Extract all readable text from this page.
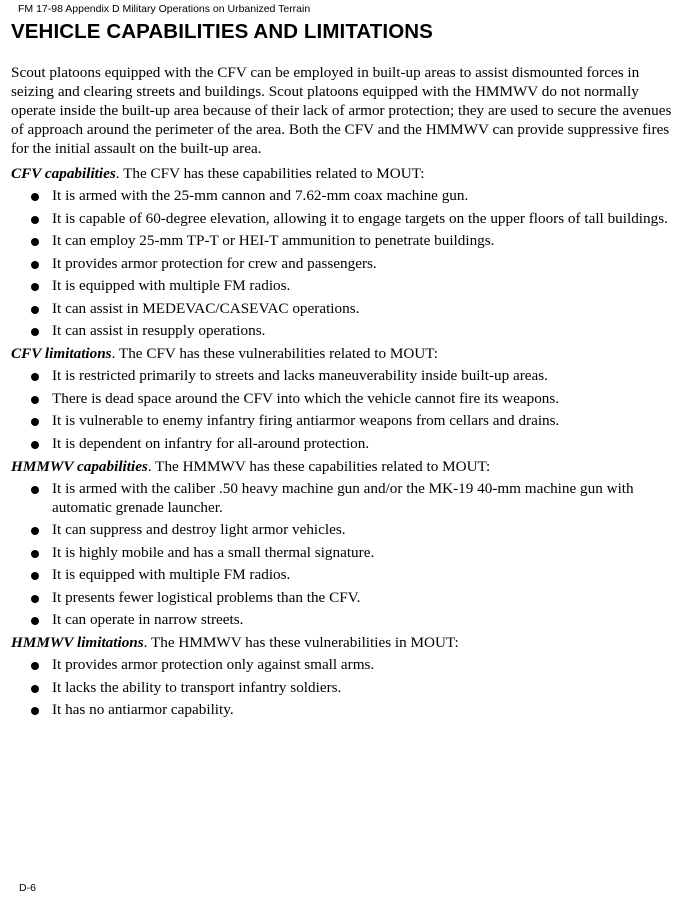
FM 17-98 Appendix D Military Operations on Urbanized Terrain
VEHICLE CAPABILITIES AND LIMITATIONS

Scout platoons equipped with the CFV can be employed in built-up areas to assist dismounted forces in seizing and clearing streets and buildings. Scout platoons equipped with the HMMWV do not normally operate inside the built-up area because of their lack of armor protection; they are used to secure the avenues of approach around the perimeter of the area. Both the CFV and the HMMWV can provide suppressive fires for the initial assault on the built-up area.

CFV capabilities. The CFV has these capabilities related to MOUT:

It is armed with the 25-mm cannon and 7.62-mm coax machine gun.
It is capable of 60-degree elevation, allowing it to engage targets on the upper floors of tall buildings.
It can employ 25-mm TP-T or HEI-T ammunition to penetrate buildings.
It provides armor protection for crew and passengers.
It is equipped with multiple FM radios.
It can assist in MEDEVAC/CASEVAC operations.
It can assist in resupply operations.

CFV limitations. The CFV has these vulnerabilities related to MOUT:

It is restricted primarily to streets and lacks maneuverability inside built-up areas.
There is dead space around the CFV into which the vehicle cannot fire its weapons.
It is vulnerable to enemy infantry firing antiarmor weapons from cellars and drains.
It is dependent on infantry for all-around protection.

HMMWV capabilities. The HMMWV has these capabilities related to MOUT:

It is armed with the caliber .50 heavy machine gun and/or the MK-19 40-mm machine gun with automatic grenade launcher.
It can suppress and destroy light armor vehicles.
It is highly mobile and has a small thermal signature.
It is equipped with multiple FM radios.
It presents fewer logistical problems than the CFV.
It can operate in narrow streets.

HMMWV limitations. The HMMWV has these vulnerabilities in MOUT:

It provides armor protection only against small arms.
It lacks the ability to transport infantry soldiers.
It has no antiarmor capability.
D-6
